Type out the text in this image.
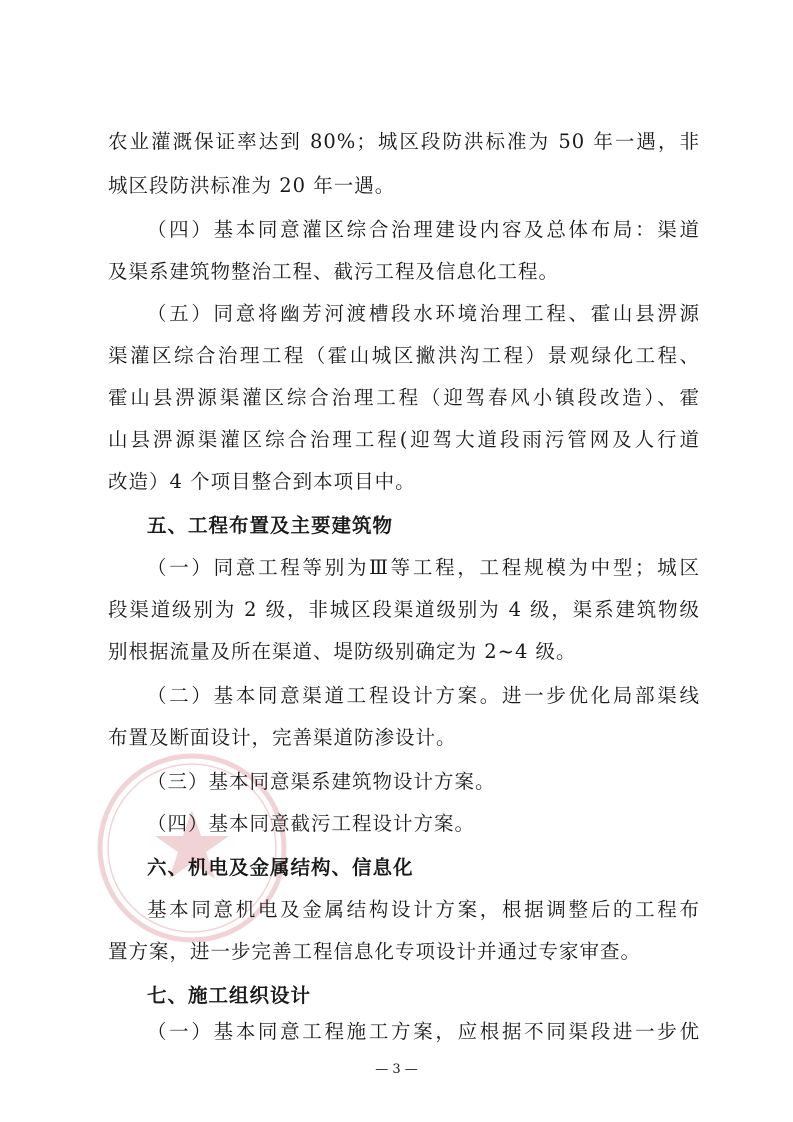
农业灌溉保证率达到 80%；城区段防洪标准为 50 年一遇，非
城区段防洪标准为 20 年一遇。
（四）基本同意灌区综合治理建设内容及总体布局：渠道
及渠系建筑物整治工程、截污工程及信息化工程。
（五）同意将幽芳河渡槽段水环境治理工程、霍山县淠源
渠灌区综合治理工程（霍山城区撇洪沟工程）景观绿化工程、
霍山县淠源渠灌区综合治理工程（迎驾春风小镇段改造）、霍
山县淠源渠灌区综合治理工程(迎驾大道段雨污管网及人行道
改造）4 个项目整合到本项目中。
五、工程布置及主要建筑物
（一）同意工程等别为Ⅲ等工程，工程规模为中型；城区
段渠道级别为 2 级，非城区段渠道级别为 4 级，渠系建筑物级
别根据流量及所在渠道、堤防级别确定为 2~4 级。
（二）基本同意渠道工程设计方案。进一步优化局部渠线
布置及断面设计，完善渠道防渗设计。
（三）基本同意渠系建筑物设计方案。
（四）基本同意截污工程设计方案。
六、机电及金属结构、信息化
基本同意机电及金属结构设计方案，根据调整后的工程布
置方案，进一步完善工程信息化专项设计并通过专家审查。
七、施工组织设计
（一）基本同意工程施工方案，应根据不同渠段进一步优
— 3 —
